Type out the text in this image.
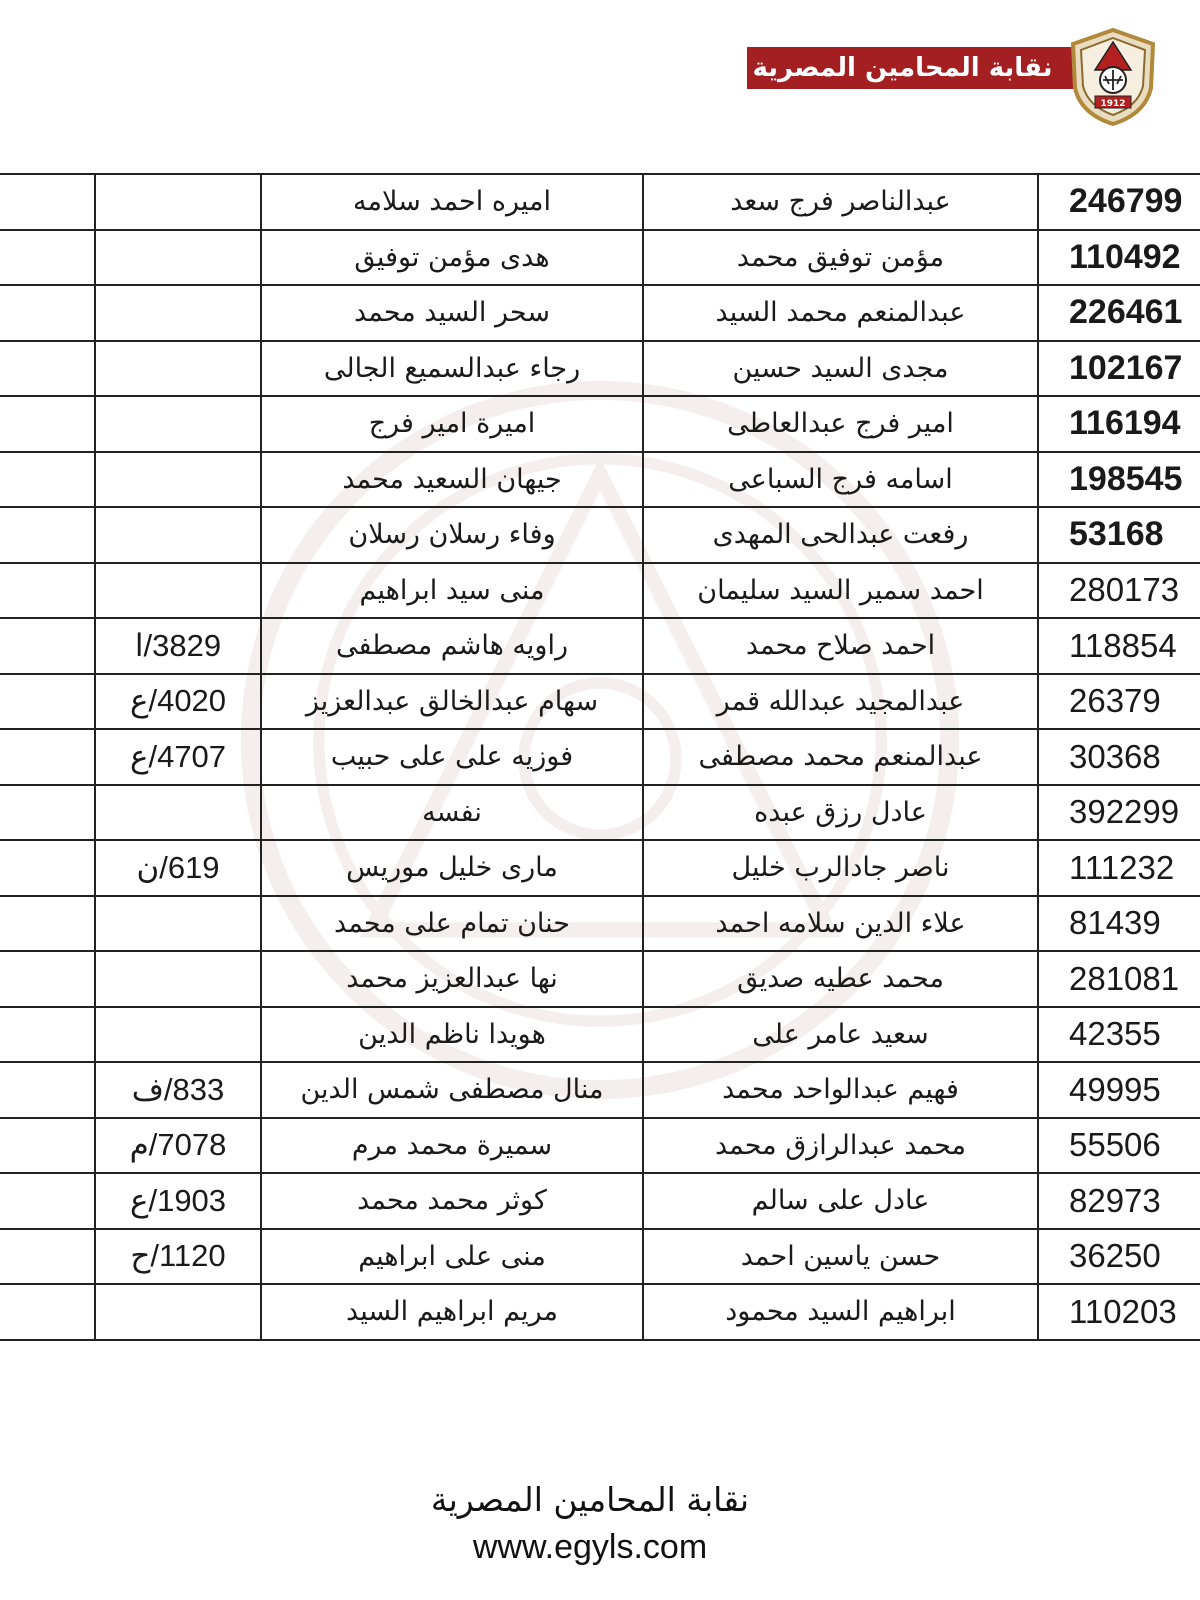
نقابة المحامين المصرية
1912
		اميره احمد سلامه	عبدالناصر فرج سعد	246799
		هدى مؤمن توفيق	مؤمن توفيق محمد	110492
		سحر السيد محمد	عبدالمنعم محمد السيد	226461
		رجاء عبدالسميع الجالى	مجدى السيد حسين	102167
		اميرة امير فرج	امير فرج عبدالعاطى	116194
		جيهان السعيد محمد	اسامه فرج السباعى	198545
		وفاء رسلان رسلان	رفعت عبدالحى المهدى	53168
		منى سيد ابراهيم	احمد سمير السيد سليمان	280173
	3829/ا	راويه هاشم مصطفى	احمد صلاح محمد	118854
	4020/ع	سهام عبدالخالق عبدالعزيز	عبدالمجيد عبدالله قمر	26379
	4707/ع	فوزيه على على حبيب	عبدالمنعم محمد مصطفى	30368
		نفسه	عادل رزق عبده	392299
	619/ن	مارى خليل موريس	ناصر جادالرب خليل	111232
		حنان تمام على محمد	علاء الدين سلامه احمد	81439
		نها عبدالعزيز محمد	محمد عطيه صديق	281081
		هويدا ناظم الدين	سعيد عامر على	42355
	833/ف	منال مصطفى شمس الدين	فهيم عبدالواحد محمد	49995
	7078/م	سميرة محمد مرم	محمد عبدالرازق محمد	55506
	1903/ع	كوثر محمد محمد	عادل على سالم	82973
	1120/ح	منى على ابراهيم	حسن ياسين احمد	36250
		مريم ابراهيم السيد	ابراهيم السيد محمود	110203
نقابة المحامين المصرية
www.egyls.com
